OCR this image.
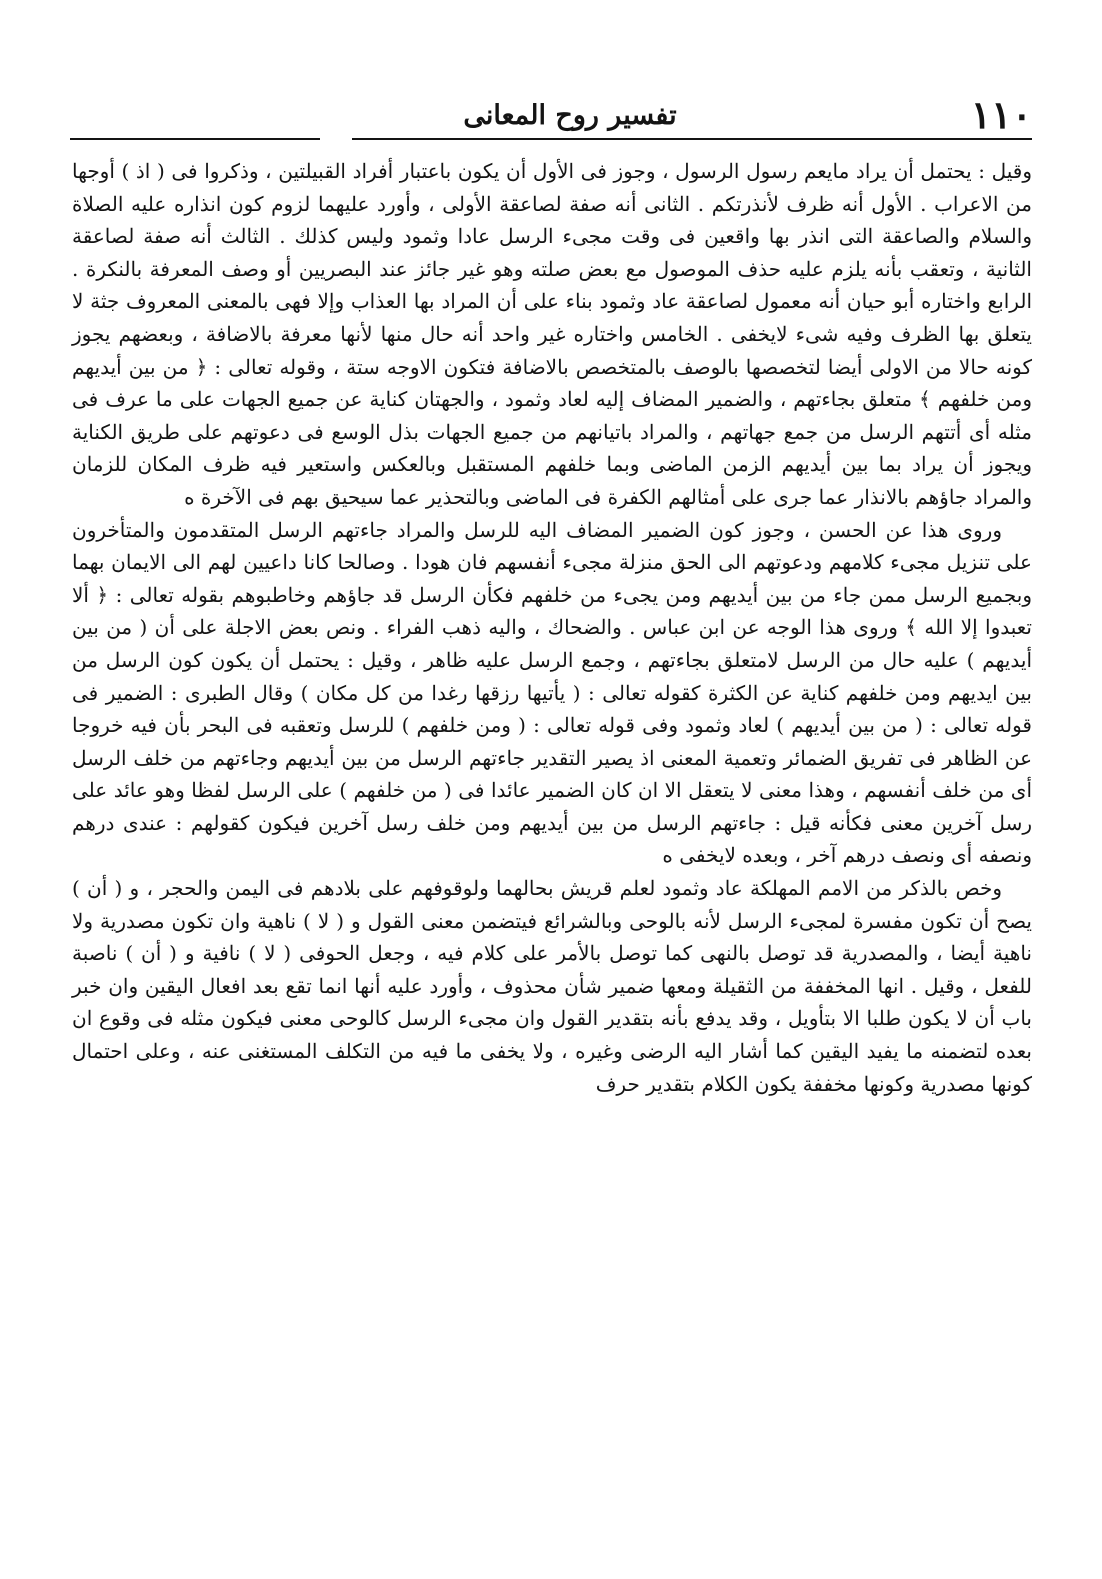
١١٠
تفسير روح المعانى

وقيل : يحتمل أن يراد مايعم رسول الرسول ، وجوز فى الأول أن يكون باعتبار أفراد القبيلتين ، وذكروا فى ( اذ ) أوجها من الاعراب . الأول أنه ظرف لأنذرتكم . الثانى أنه صفة لصاعقة الأولى ، وأورد عليهما لزوم كون انذاره عليه الصلاة والسلام والصاعقة التى انذر بها واقعين فى وقت مجىء الرسل عادا وثمود وليس كذلك . الثالث أنه صفة لصاعقة الثانية ، وتعقب بأنه يلزم عليه حذف الموصول مع بعض صلته وهو غير جائز عند البصريين أو وصف المعرفة بالنكرة . الرابع واختاره أبو حيان أنه معمول لصاعقة عاد وثمود بناء على أن المراد بها العذاب وإلا فهى بالمعنى المعروف جثة لا يتعلق بها الظرف وفيه شىء لايخفى . الخامس واختاره غير واحد أنه حال منها لأنها معرفة بالاضافة ، وبعضهم يجوز كونه حالا من الاولى أيضا لتخصصها بالوصف بالمتخصص بالاضافة فتكون الاوجه ستة ، وقوله تعالى : ﴿ من بين أيديهم ومن خلفهم ﴾ متعلق بجاءتهم ، والضمير المضاف إليه لعاد وثمود ، والجهتان كناية عن جميع الجهات على ما عرف فى مثله أى أتتهم الرسل من جمع جهاتهم ، والمراد باتيانهم من جميع الجهات بذل الوسع فى دعوتهم على طريق الكناية ويجوز أن يراد بما بين أيديهم الزمن الماضى وبما خلفهم المستقبل وبالعكس واستعير فيه ظرف المكان للزمان والمراد جاؤهم بالانذار عما جرى على أمثالهم الكفرة فى الماضى وبالتحذير عما سيحيق بهم فى الآخرة ه

وروى هذا عن الحسن ، وجوز كون الضمير المضاف اليه للرسل والمراد جاءتهم الرسل المتقدمون والمتأخرون على تنزيل مجىء كلامهم ودعوتهم الى الحق منزلة مجىء أنفسهم فان هودا . وصالحا كانا داعيين لهم الى الايمان بهما وبجميع الرسل ممن جاء من بين أيديهم ومن يجىء من خلفهم فكأن الرسل قد جاؤهم وخاطبوهم بقوله تعالى : ﴿ ألا تعبدوا إلا الله ﴾ وروى هذا الوجه عن ابن عباس . والضحاك ، واليه ذهب الفراء . ونص بعض الاجلة على أن ( من بين أيديهم ) عليه حال من الرسل لامتعلق بجاءتهم ، وجمع الرسل عليه ظاهر ، وقيل : يحتمل أن يكون كون الرسل من بين ايديهم ومن خلفهم كناية عن الكثرة كقوله تعالى : ( يأتيها رزقها رغدا من كل مكان ) وقال الطبرى : الضمير فى قوله تعالى : ( من بين أيديهم ) لعاد وثمود وفى قوله تعالى : ( ومن خلفهم ) للرسل وتعقبه فى البحر بأن فيه خروجا عن الظاهر فى تفريق الضمائر وتعمية المعنى اذ يصير التقدير جاءتهم الرسل من بين أيديهم وجاءتهم من خلف الرسل أى من خلف أنفسهم ، وهذا معنى لا يتعقل الا ان كان الضمير عائدا فى ( من خلفهم ) على الرسل لفظا وهو عائد على رسل آخرين معنى فكأنه قيل : جاءتهم الرسل من بين أيديهم ومن خلف رسل آخرين فيكون كقولهم : عندى درهم ونصفه أى ونصف درهم آخر ، وبعده لايخفى ه

وخص بالذكر من الامم المهلكة عاد وثمود لعلم قريش بحالهما ولوقوفهم على بلادهم فى اليمن والحجر ، و ( أن ) يصح أن تكون مفسرة لمجىء الرسل لأنه بالوحى وبالشرائع فيتضمن معنى القول و ( لا ) ناهية وان تكون مصدرية ولا ناهية أيضا ، والمصدرية قد توصل بالنهى كما توصل بالأمر على كلام فيه ، وجعل الحوفى ( لا ) نافية و ( أن ) ناصبة للفعل ، وقيل . انها المخففة من الثقيلة ومعها ضمير شأن محذوف ، وأورد عليه أنها انما تقع بعد افعال اليقين وان خبر باب أن لا يكون طلبا الا بتأويل ، وقد يدفع بأنه بتقدير القول وان مجىء الرسل كالوحى معنى فيكون مثله فى وقوع ان بعده لتضمنه ما يفيد اليقين كما أشار اليه الرضى وغيره ، ولا يخفى ما فيه من التكلف المستغنى عنه ، وعلى احتمال كونها مصدرية وكونها مخففة يكون الكلام بتقدير حرف
